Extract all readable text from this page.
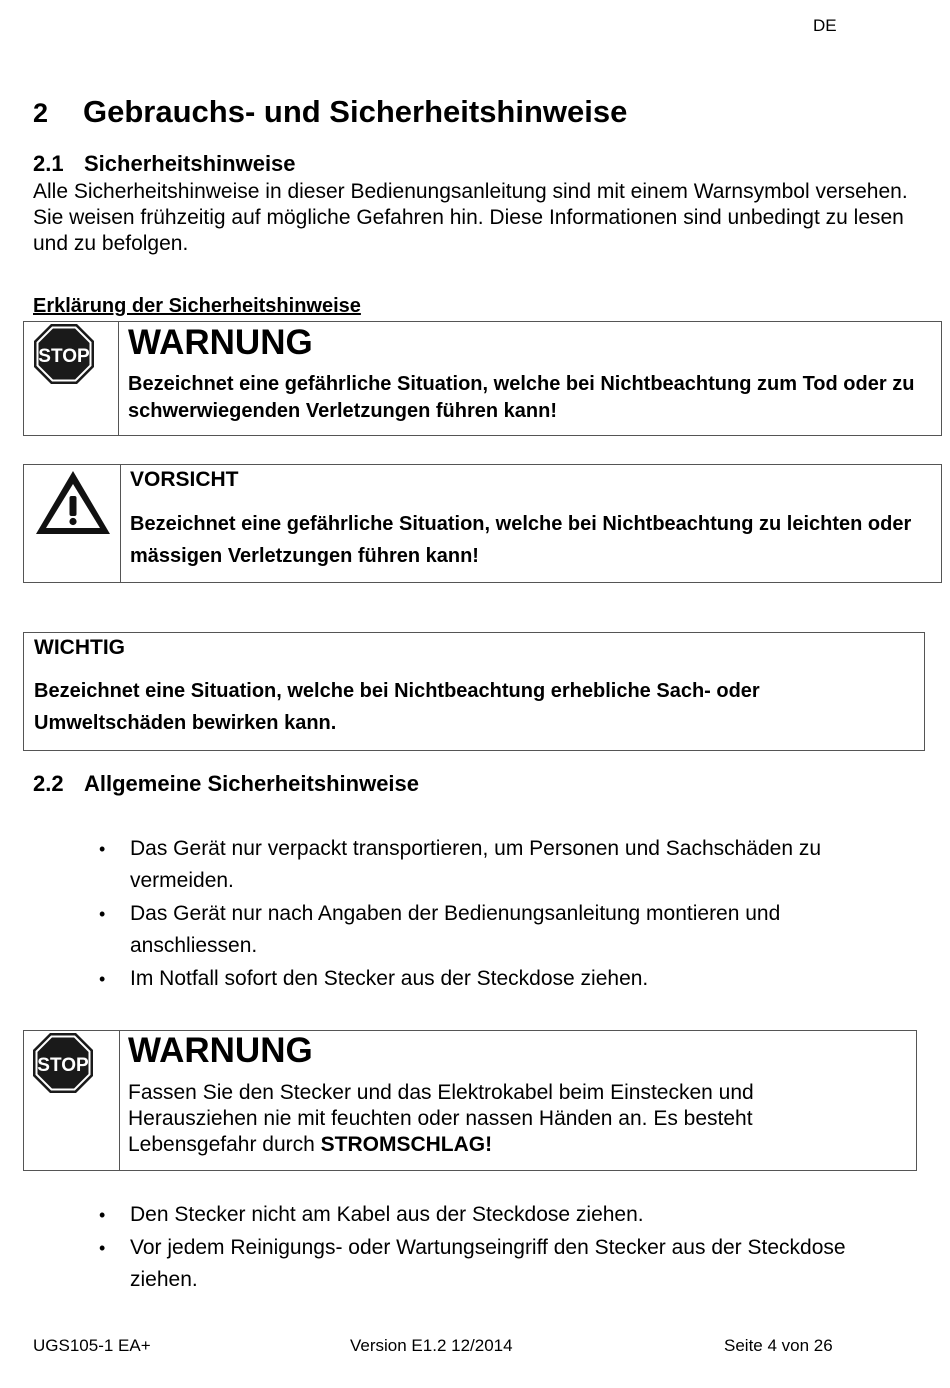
DE
2 Gebrauchs- und Sicherheitshinweise
2.1 Sicherheitshinweise
Alle Sicherheitshinweise in dieser Bedienungsanleitung sind mit einem Warnsymbol versehen. Sie weisen frühzeitig auf mögliche Gefahren hin. Diese Informationen sind unbedingt zu lesen und zu befolgen.
Erklärung der Sicherheitshinweise
STOP WARNUNG
Bezeichnet eine gefährliche Situation, welche bei Nichtbeachtung zum Tod oder zu schwerwiegenden Verletzungen führen kann!
VORSICHT
Bezeichnet eine gefährliche Situation, welche bei Nichtbeachtung zu leichten oder mässigen Verletzungen führen kann!
WICHTIG
Bezeichnet eine Situation, welche bei Nichtbeachtung erhebliche Sach- oder Umweltschäden bewirken kann.
2.2 Allgemeine Sicherheitshinweise
• Das Gerät nur verpackt transportieren, um Personen und Sachschäden zu vermeiden.
• Das Gerät nur nach Angaben der Bedienungsanleitung montieren und anschliessen.
• Im Notfall sofort den Stecker aus der Steckdose ziehen.
STOP WARNUNG
Fassen Sie den Stecker und das Elektrokabel beim Einstecken und Herausziehen nie mit feuchten oder nassen Händen an. Es besteht Lebensgefahr durch STROMSCHLAG!
• Den Stecker nicht am Kabel aus der Steckdose ziehen.
• Vor jedem Reinigungs- oder Wartungseingriff den Stecker aus der Steckdose ziehen.
UGS105-1 EA+	Version E1.2 12/2014	Seite 4 von 26
